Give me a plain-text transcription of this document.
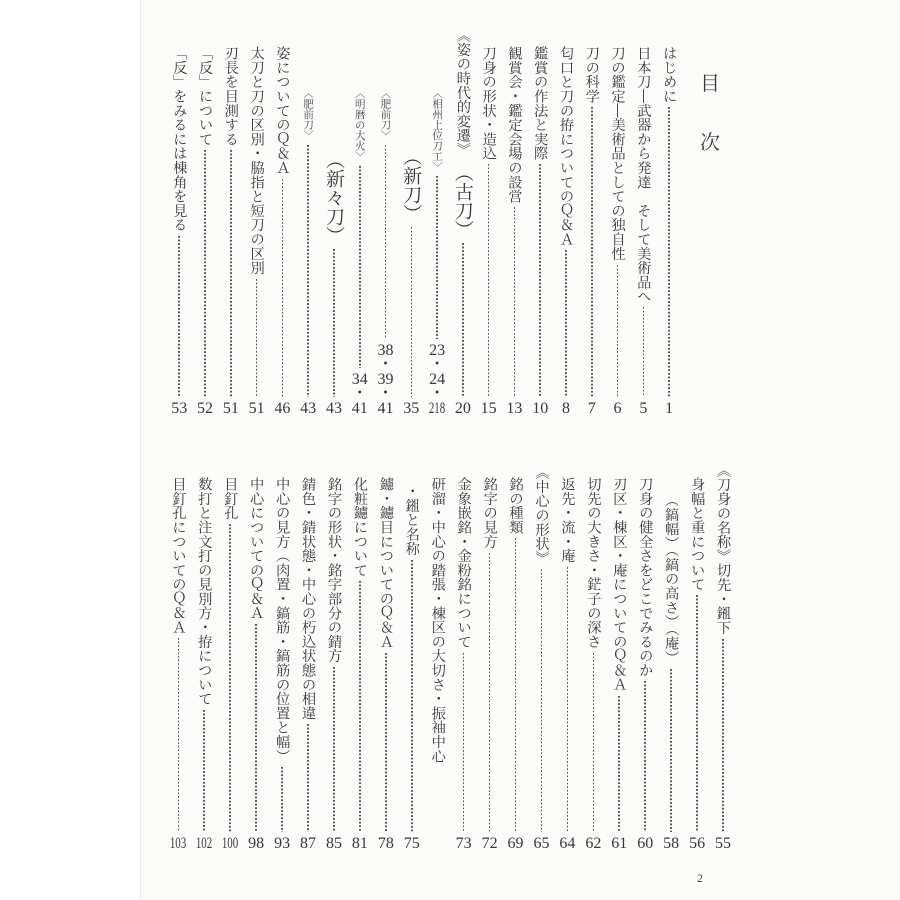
目
次
はじめに
1
日本刀―武器から発達　そして美術品へ
5
刀の鑑定―美術品としての独自性
6
刀の科学
7
匂口と刀の拵についてのＱ＆Ａ
8
鑑賞の作法と実際
10
観賞会・鑑定会場の設営
13
刀身の形状・造込
15
《姿の時代的変遷》
（古刀）
20
〈相州上位刀工〉
23
・
24
・
218
（新刀）
35
〈肥前刀〉
38
・
39
・
41
〈明暦の大火〉
34
・
41
（新々刀）
43
〈肥前刀〉
43
姿についてのＱ＆Ａ
46
太刀と刀の区別・脇指と短刀の区別
51
刃長を目測する
51
「反」について
52
「反」をみるには棟角を見る
53
《刀身の名称》切先・鎺下
55
身幅と重について
56
（鎬幅）（鎬の高さ）（庵）
58
刀身の健全さをどこでみるのか
60
刃区・棟区・庵についてのＱ＆Ａ
61
切先の大きさ・鋩子の深さ
62
返先・流・庵
64
《中心の形状》
65
銘の種類
69
銘字の見方
72
金象嵌銘・金粉銘について
73
研溜・中心の踏張・棟区の大切さ・振袖中心
・鎺と名称
75
鑢・鑢目についてのＱ＆Ａ
78
化粧鑢について
81
銘字の形状・銘字部分の錆方
85
錆色・錆状態・中心の朽込状態の相違
87
中心の見方（肉置・鎬筋・鎬筋の位置と幅）
93
中心についてのＱ＆Ａ
98
目釘孔
100
数打と注文打の見別方・拵について
102
目釘孔についてのＱ＆Ａ
103
2
